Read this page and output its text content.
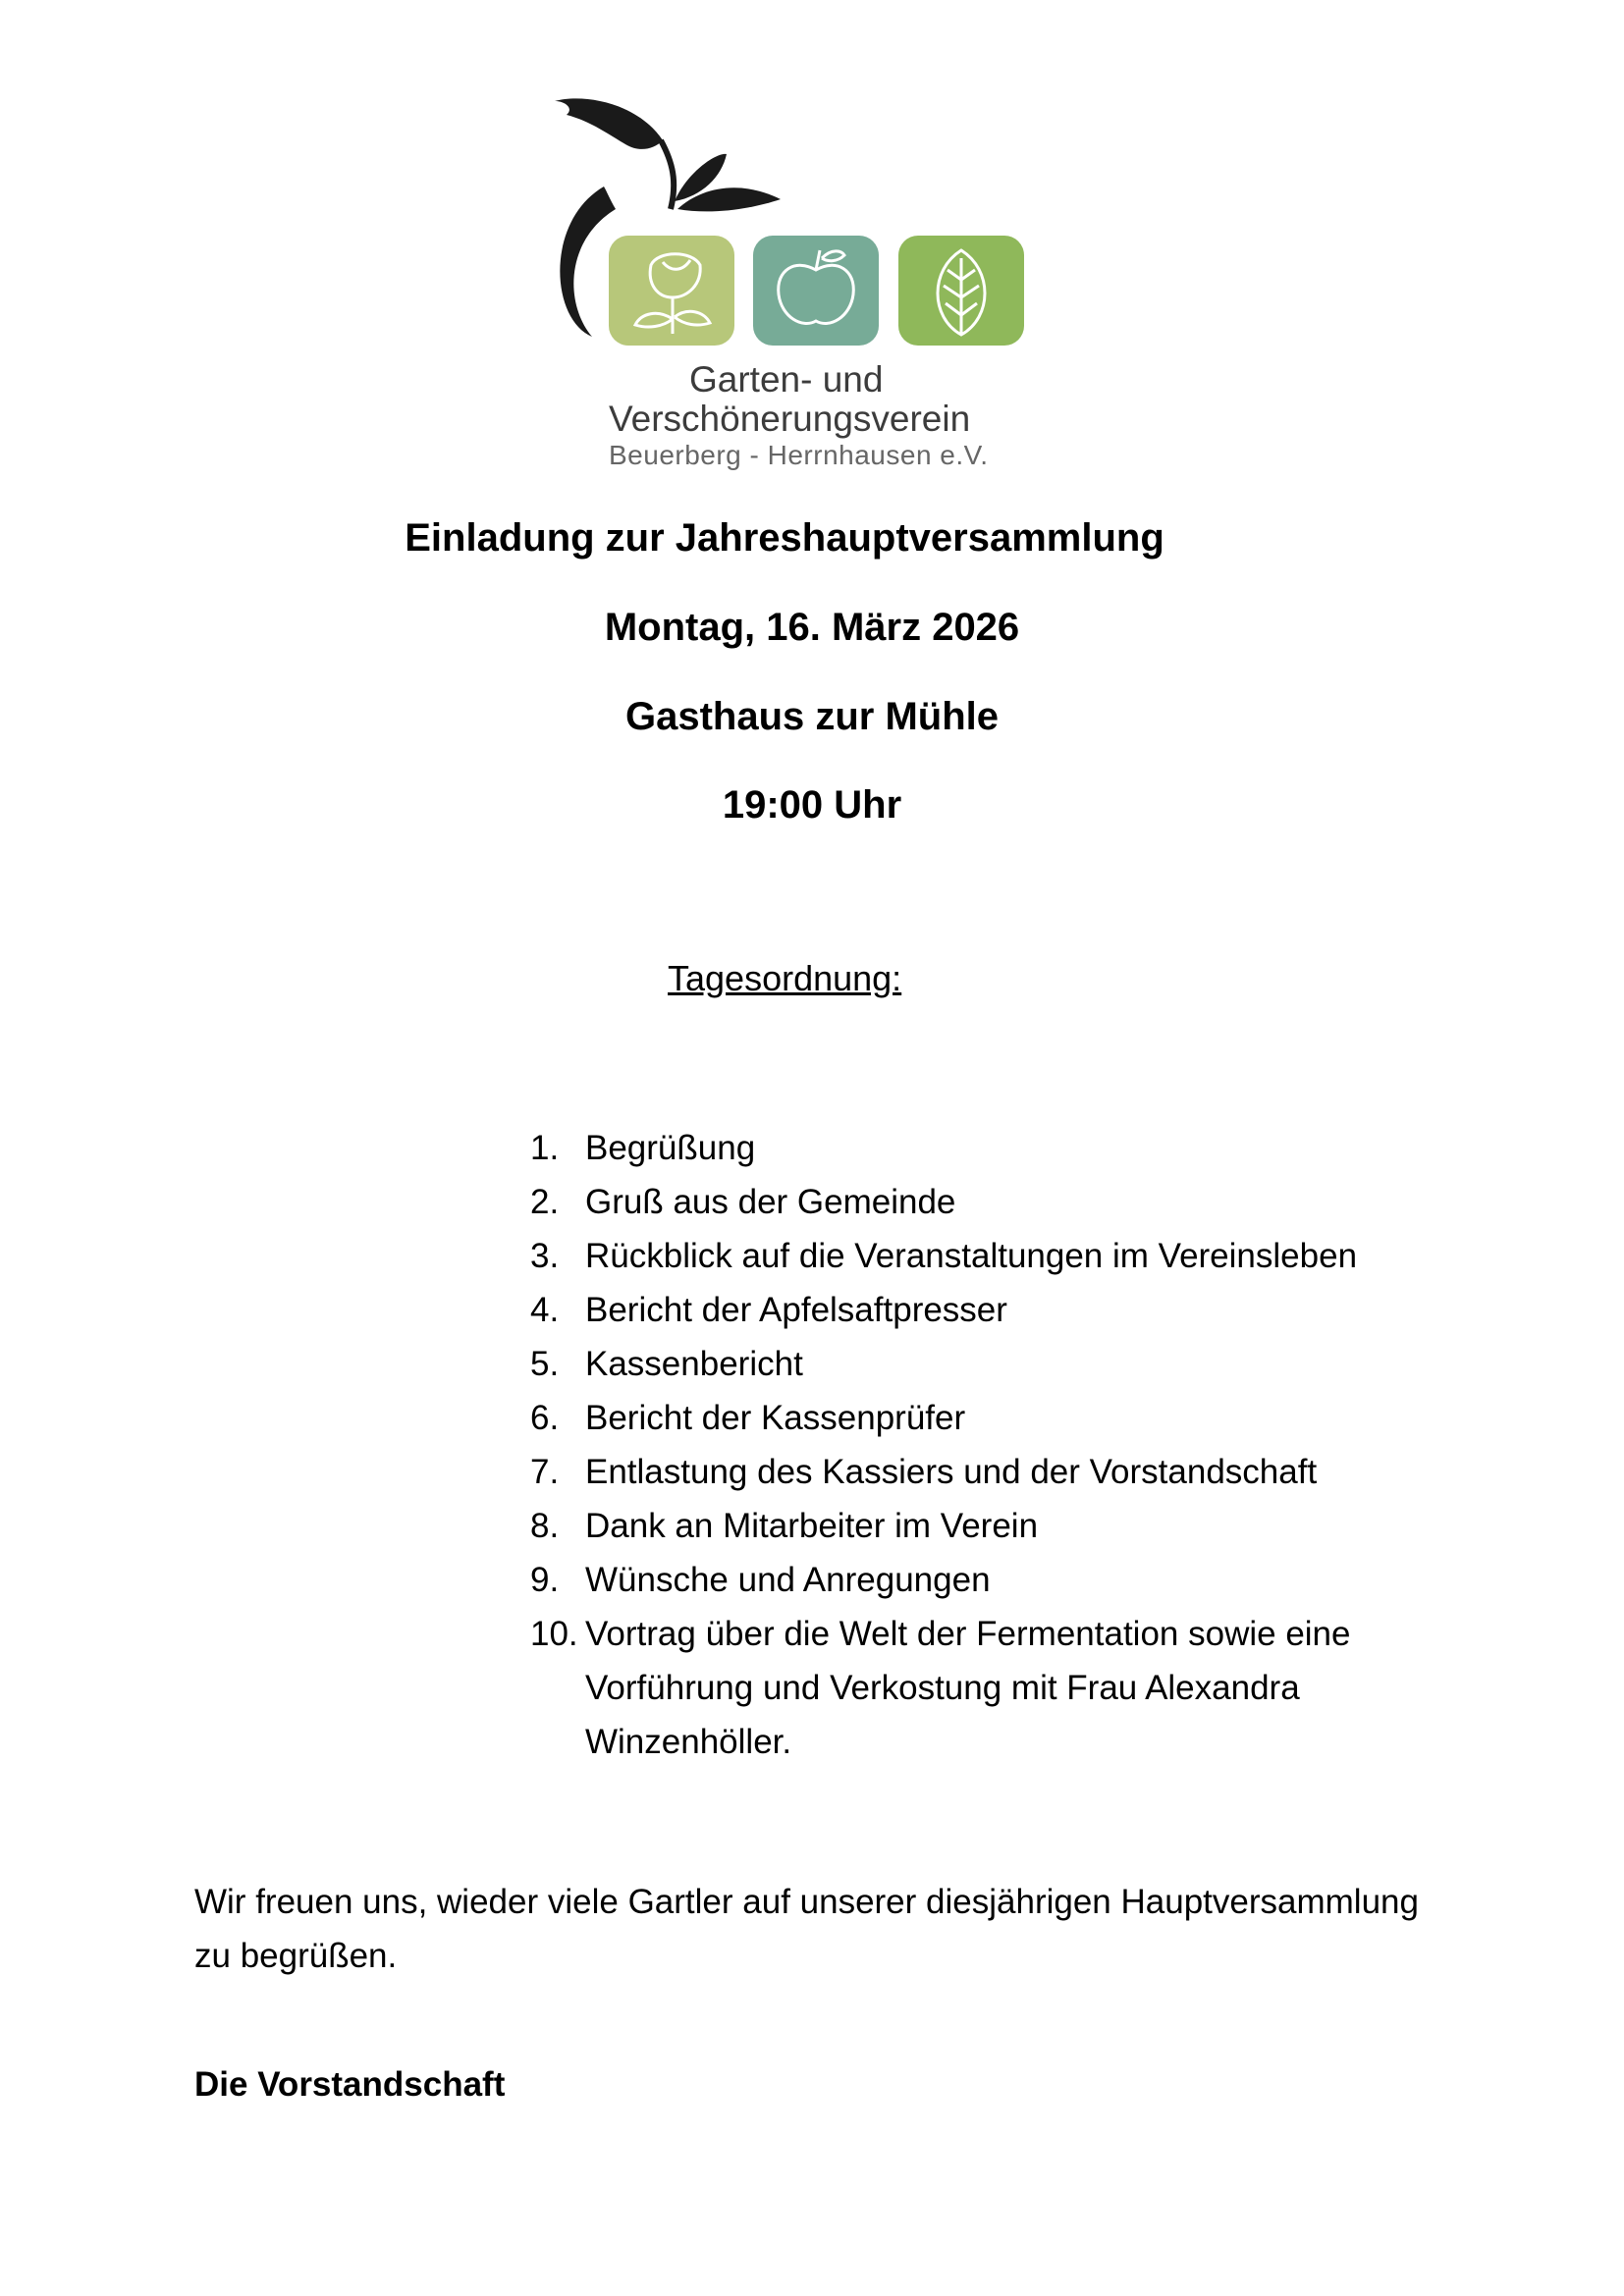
Garten- und
Verschönerungsverein
Beuerberg - Herrnhausen e.V.
Einladung zur Jahreshauptversammlung
Montag, 16. März 2026
Gasthaus zur Mühle
19:00 Uhr
Tagesordnung:
1. Begrüßung
2. Gruß aus der Gemeinde
3. Rückblick auf die Veranstaltungen im Vereinsleben
4. Bericht der Apfelsaftpresser
5. Kassenbericht
6. Bericht der Kassenprüfer
7. Entlastung des Kassiers und der Vorstandschaft
8. Dank an Mitarbeiter im Verein
9. Wünsche und Anregungen
10. Vortrag über die Welt der Fermentation sowie eine Vorführung und Verkostung mit Frau Alexandra Winzenhöller.

Wir freuen uns, wieder viele Gartler auf unserer diesjährigen Hauptversammlung zu begrüßen.

Die Vorstandschaft
